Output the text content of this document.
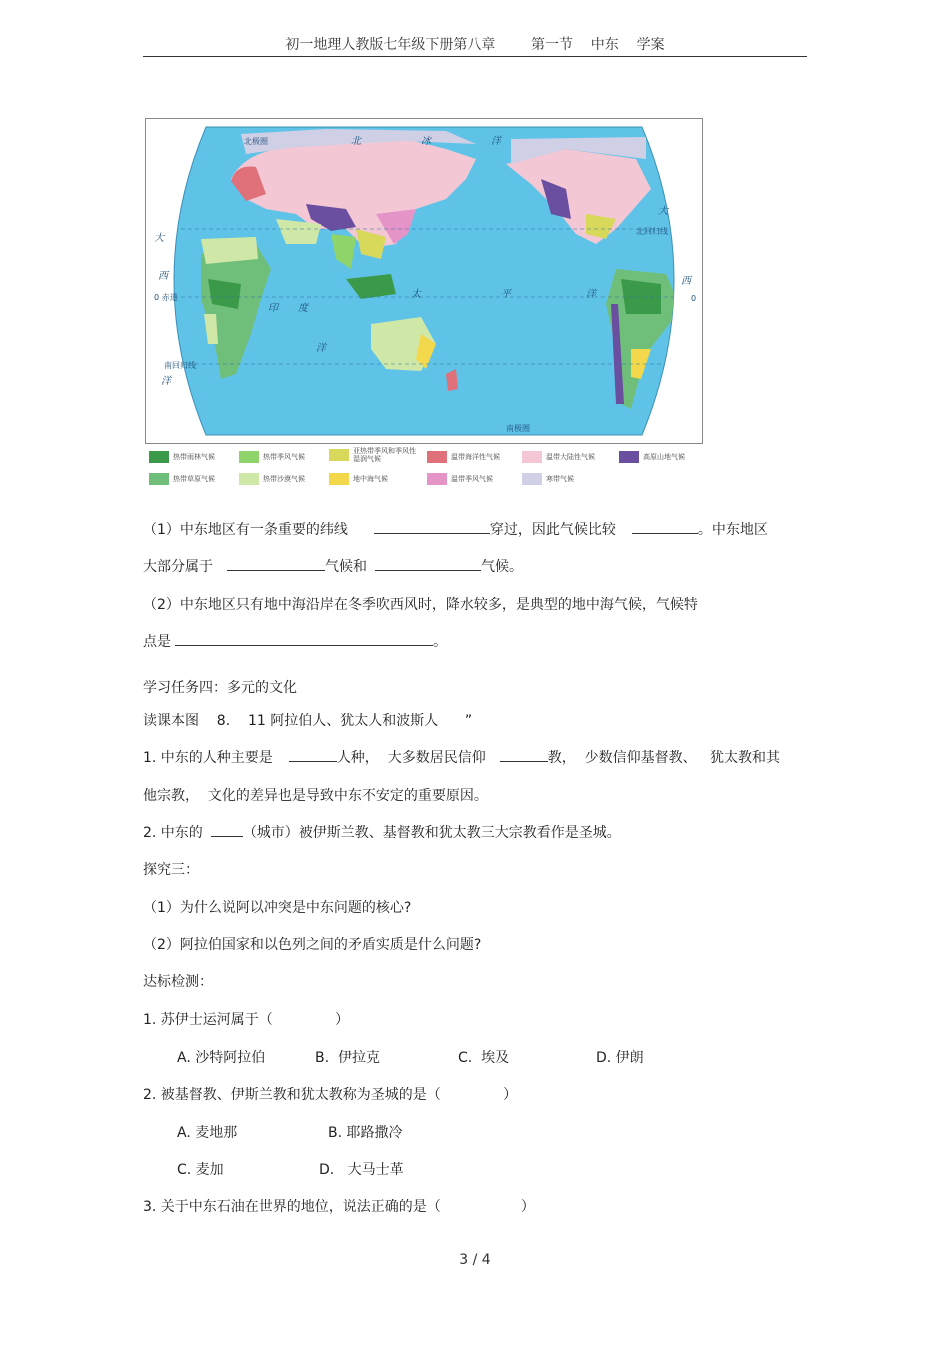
初一地理人教版七年级下册第八章	第一节    中东    学案
北极圈	北	冰	洋
北回归线
0 赤道
南回归线
南极圈
太	平	洋
印 度
洋
大
西
西
洋
大
0
热带雨林气候	热带季风气候
亚热带季风和季风性湿润气候	温带海洋性气候	温带大陆性气候	高原山地气候
热带草原气候	热带沙漠气候	地中海气候	温带季风气候	寒带气候
（1）中东地区有一条重要的纬线	穿过，因此气候比较	。中东地区
大部分属于	气候和	气候。
（2）中东地区只有地中海沿岸在冬季吹西风时，降水较多，是典型的地中海气候，气候特
点是	。
学习任务四：多元的文化
读课本图    8.    11 阿拉伯人、犹太人和波斯人      ”
1. 中东的人种主要是	人种，  大多数居民信仰	教，  少数信仰基督教、   犹太教和其
他宗教，  文化的差异也是导致中东不安定的重要原因。
2. 中东的	（城市）被伊斯兰教、基督教和犹太教三大宗教看作是圣城。
探究三：
（1）为什么说阿以冲突是中东问题的核心?
（2）阿拉伯国家和以色列之间的矛盾实质是什么问题?
达标检测：
1. 苏伊士运河属于（              ）
A. 沙特阿拉伯	B.  伊拉克	C.  埃及	D. 伊朗
2. 被基督教、伊斯兰教和犹太教称为圣城的是（              ）
A. 麦地那	B. 耶路撒冷
C. 麦加	D.   大马士革
3. 关于中东石油在世界的地位，说法正确的是（                  ）
3 / 4
